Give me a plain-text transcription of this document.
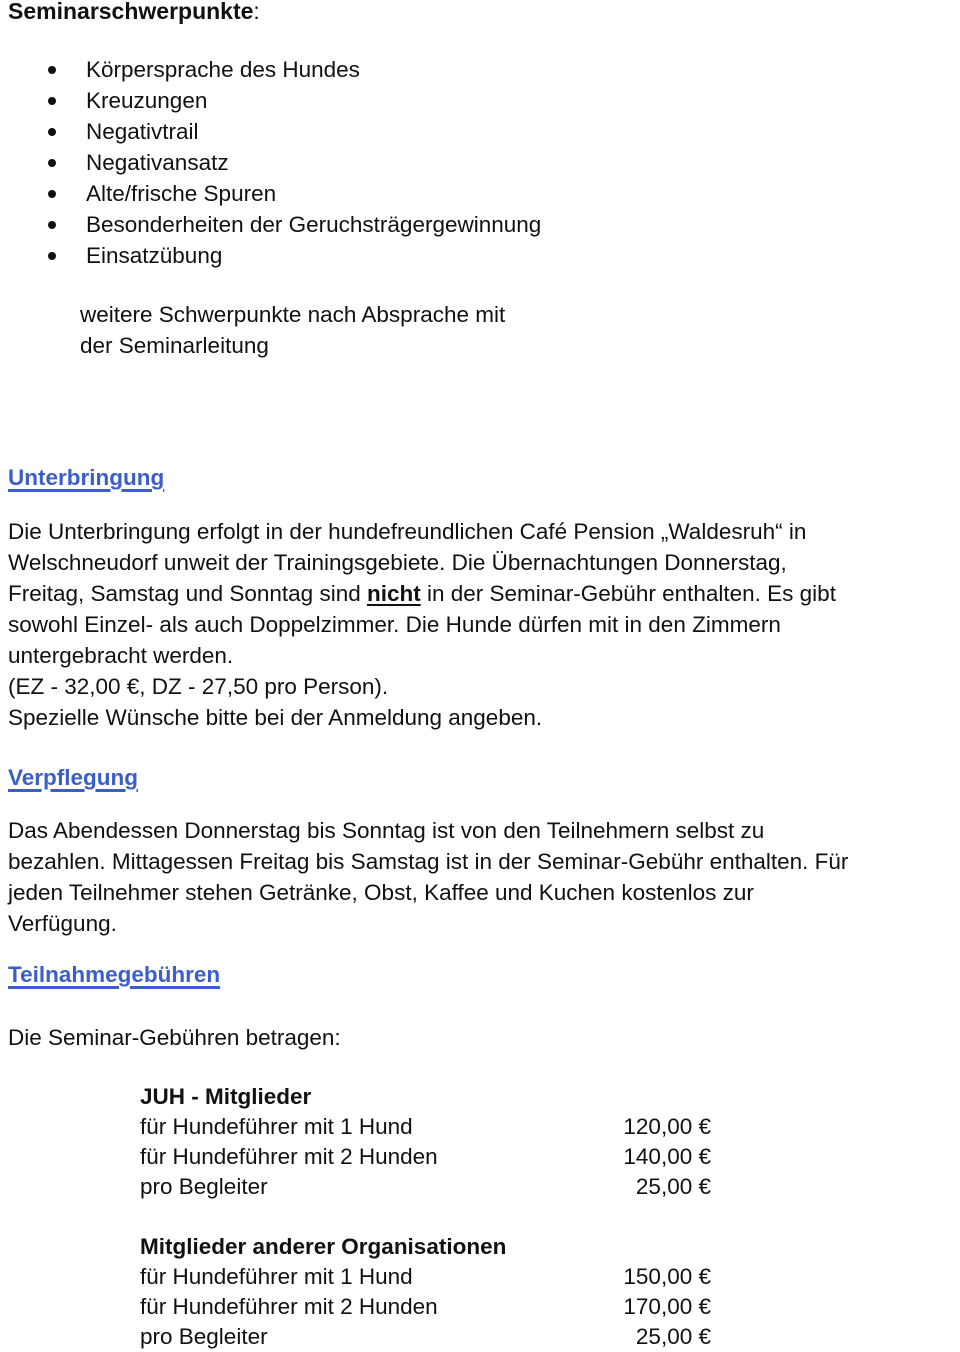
Seminarschwerpunkte:
Körpersprache des Hundes
Kreuzungen
Negativtrail
Negativansatz
Alte/frische Spuren
Besonderheiten der Geruchsträgergewinnung
Einsatzübung
weitere Schwerpunkte nach Absprache mit
der Seminarleitung
Unterbringung
Die Unterbringung erfolgt in der hundefreundlichen Café Pension „Waldesruh“ in
Welschneudorf unweit der Trainingsgebiete. Die Übernachtungen Donnerstag,
Freitag, Samstag und Sonntag sind nicht in der Seminar-Gebühr enthalten. Es gibt
sowohl Einzel- als auch Doppelzimmer. Die Hunde dürfen mit in den Zimmern
untergebracht werden.
(EZ - 32,00 €, DZ - 27,50 pro Person).
Spezielle Wünsche bitte bei der Anmeldung angeben.
Verpflegung
Das Abendessen Donnerstag bis Sonntag ist von den Teilnehmern selbst zu
bezahlen. Mittagessen Freitag bis Samstag ist in der Seminar-Gebühr enthalten. Für
jeden Teilnehmer stehen Getränke, Obst, Kaffee und Kuchen kostenlos zur
Verfügung.
Teilnahmegebühren
Die Seminar-Gebühren betragen:
JUH - Mitglieder
für Hundeführer mit 1 Hund	120,00 €
für Hundeführer mit 2 Hunden	140,00 €
pro Begleiter	25,00 €
Mitglieder anderer Organisationen
für Hundeführer mit 1 Hund	150,00 €
für Hundeführer mit 2 Hunden	170,00 €
pro Begleiter	25,00 €
